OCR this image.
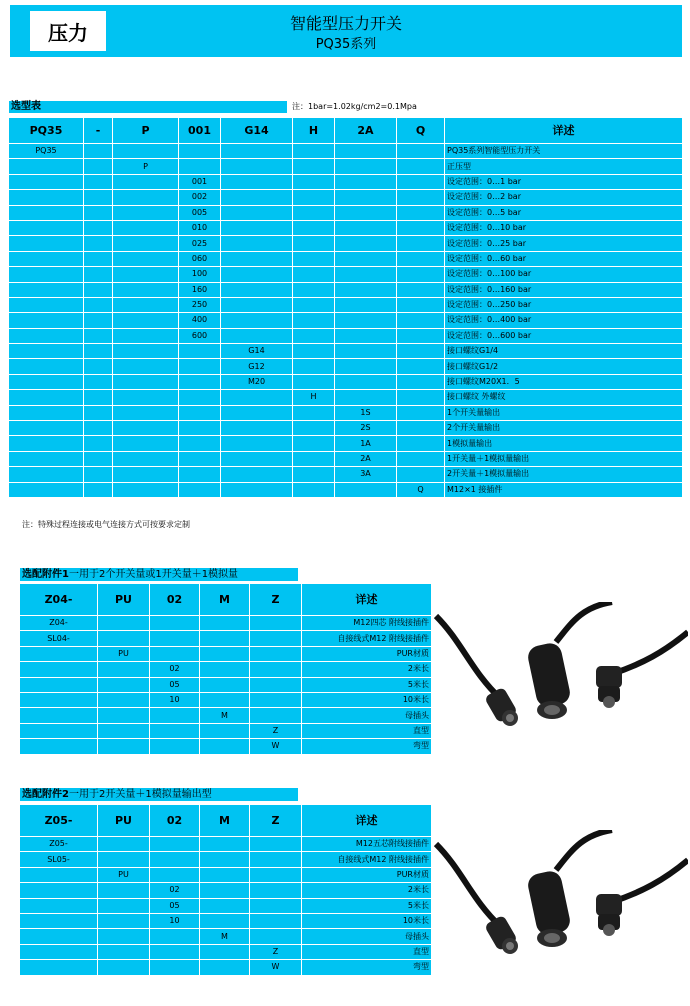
压力	智能型压力开关
PQ35系列
选型表	注：1bar=1.02kg/cm2=0.1Mpa
PQ35	-	P	001	G14	H	2A	Q	详述
PQ35								PQ35系列智能型压力开关
		P						正压型
			001					设定范围：0…1 bar
			002					设定范围：0…2 bar
			005					设定范围：0…5 bar
			010					设定范围：0…10 bar
			025					设定范围：0…25 bar
			060					设定范围：0…60 bar
			100					设定范围：0…100 bar
			160					设定范围：0…160 bar
			250					设定范围：0…250 bar
			400					设定范围：0…400 bar
			600					设定范围：0…600 bar
				G14				接口螺纹G1/4
				G12				接口螺纹G1/2
				M20				接口螺纹M20X1．5
					H			接口螺纹 外螺纹
						1S		1个开关量输出
						2S		2个开关量输出
						1A		1模拟量输出
						2A		1开关量＋1模拟量输出
						3A		2开关量＋1模拟量输出
							Q	M12×1 接插件
注：特殊过程连接或电气连接方式可按要求定制
选配附件1一用于2个开关量或1开关量＋1模拟量
Z04-	PU	02	M	Z	详述
Z04-					M12四芯 附线接插件
SL04-					自接线式M12 附线接插件
	PU				PUR材质
		02			2米长
		05			5米长
		10			10米长
			M		母插头
				Z	直型
				W	弯型
选配附件2一用于2开关量＋1模拟量输出型
Z05-	PU	02	M	Z	详述
Z05-					M12五芯附线接插件
SL05-					自接线式M12 附线接插件
	PU				PUR材质
		02			2米长
		05			5米长
		10			10米长
			M		母插头
				Z	直型
				W	弯型
